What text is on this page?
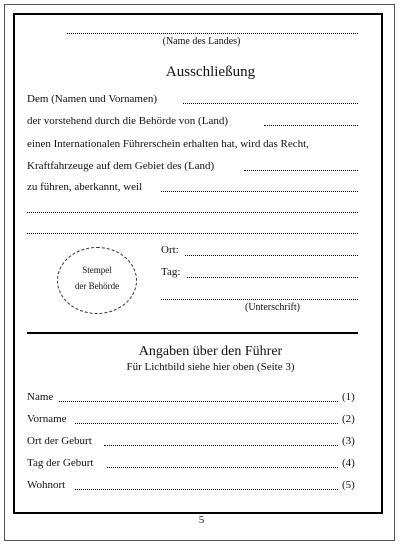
(Name des Landes)
Ausschließung
Dem (Namen und Vornamen)
der vorstehend durch die Behörde von (Land)
einen Internationalen Führerschein erhalten hat, wird das Recht,
Kraftfahrzeuge auf dem Gebiet des (Land)
zu führen, aberkannt, weil
Stempel
der Behörde
Ort:
Tag:
(Unterschrift)
Angaben über den Führer
Für Lichtbild siehe hier oben (Seite 3)
Name	(1)
Vorname	(2)
Ort der Geburt	(3)
Tag der Geburt	(4)
Wohnort	(5)
5
